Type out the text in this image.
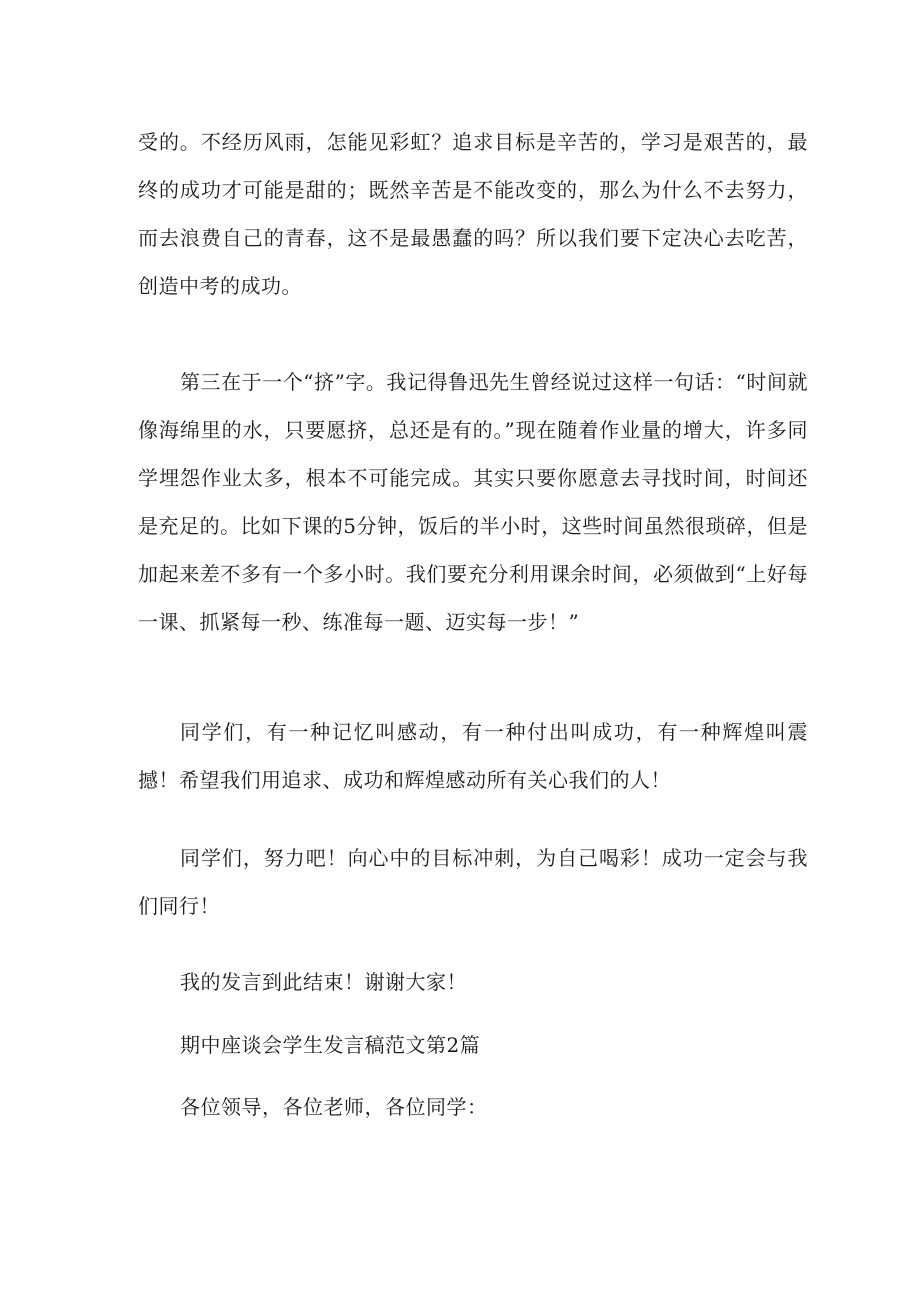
受的。不经历风雨，怎能见彩虹？追求目标是辛苦的，学习是艰苦的，最终的成功才可能是甜的；既然辛苦是不能改变的，那么为什么不去努力，而去浪费自己的青春，这不是最愚蠢的吗？所以我们要下定决心去吃苦，创造中考的成功。

第三在于一个“挤”字。我记得鲁迅先生曾经说过这样一句话：“时间就像海绵里的水，只要愿挤，总还是有的。”现在随着作业量的增大，许多同学埋怨作业太多，根本不可能完成。其实只要你愿意去寻找时间，时间还是充足的。比如下课的5分钟，饭后的半小时，这些时间虽然很琐碎，但是加起来差不多有一个多小时。我们要充分利用课余时间，必须做到“上好每一课、抓紧每一秒、练准每一题、迈实每一步！”

同学们，有一种记忆叫感动，有一种付出叫成功，有一种辉煌叫震撼！希望我们用追求、成功和辉煌感动所有关心我们的人！

同学们，努力吧！向心中的目标冲刺，为自己喝彩！成功一定会与我们同行！

我的发言到此结束！谢谢大家！

期中座谈会学生发言稿范文第2篇

各位领导，各位老师，各位同学：
